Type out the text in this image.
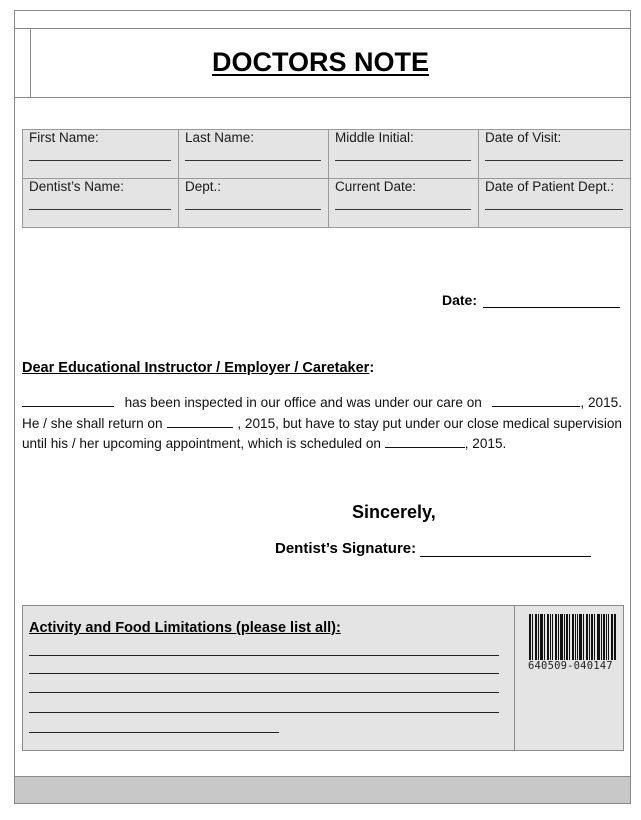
DOCTORS NOTE
First Name:	Last Name:	Middle Initial:	Date of Visit:
Dentist’s Name:	Dept.:	Current Date:	Date of Patient Dept.:
Date:
Dear Educational Instructor / Employer / Caretaker:
has been inspected in our office and was under our care on	, 2015.
He / she shall return on	, 2015, but have to stay put under our close medical supervision
until his / her upcoming appointment, which is scheduled on
	, 2015.
Sincerely,
Dentist’s Signature:
Activity and Food Limitations (please list all):
640509-040147
